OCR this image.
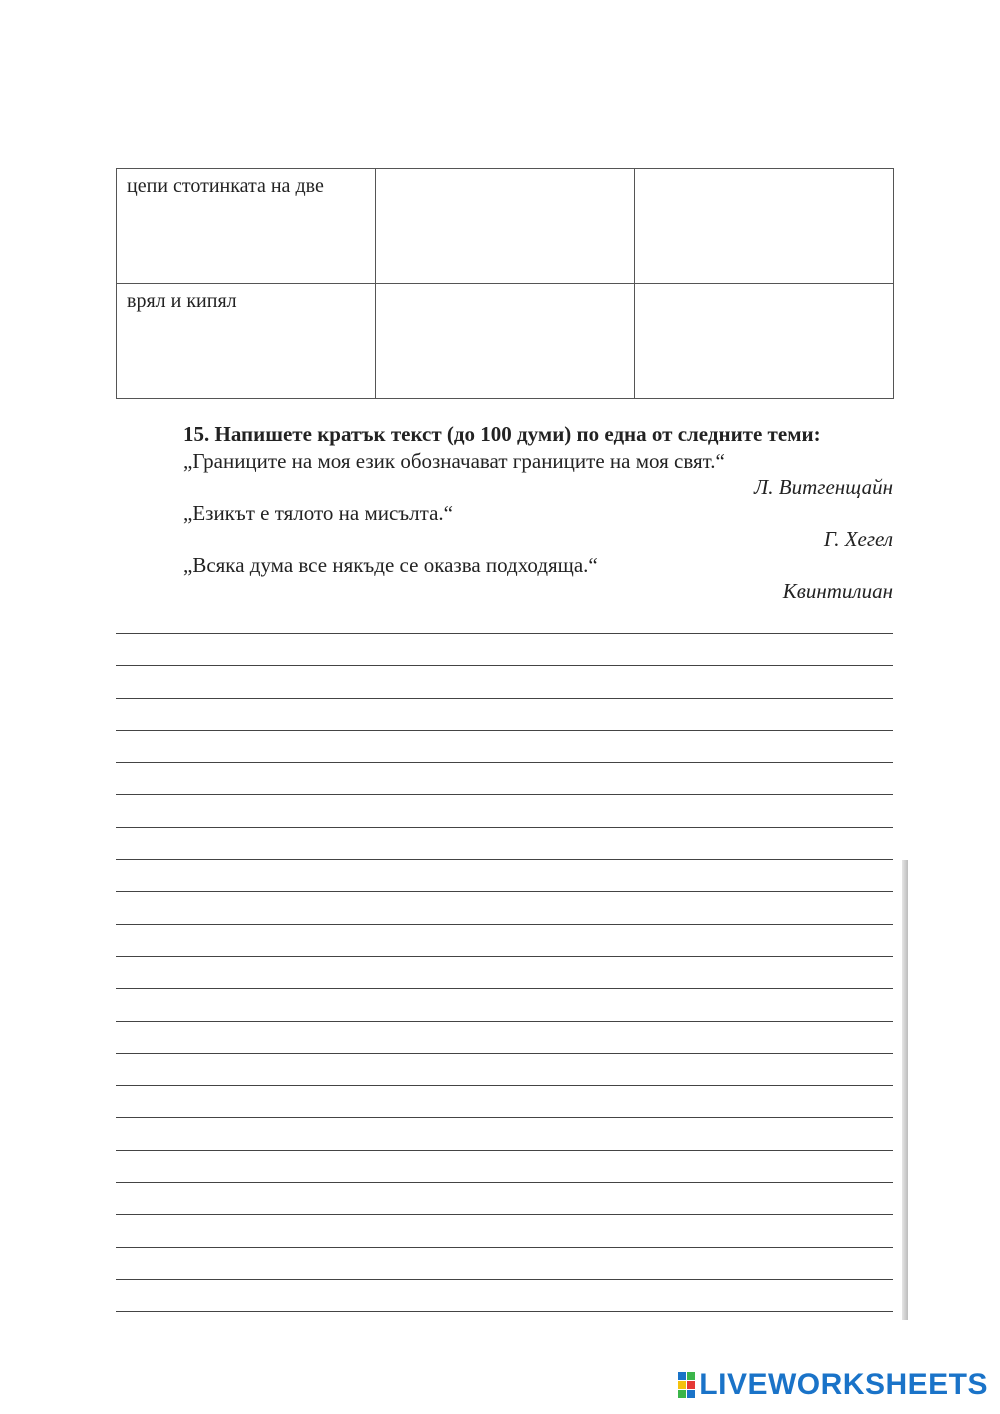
цепи стотинката на две		
врял и кипял		

15. Напишете кратък текст (до 100 думи) по една от следните теми:

„Границите на моя език обозначават границите на моя свят.“

Л. Витгенщайн

„Езикът е тялото на мисълта.“

Г. Хегел

„Всяка дума все някъде се оказва подходяща.“

Квинтилиан

LIVEWORKSHEETS
